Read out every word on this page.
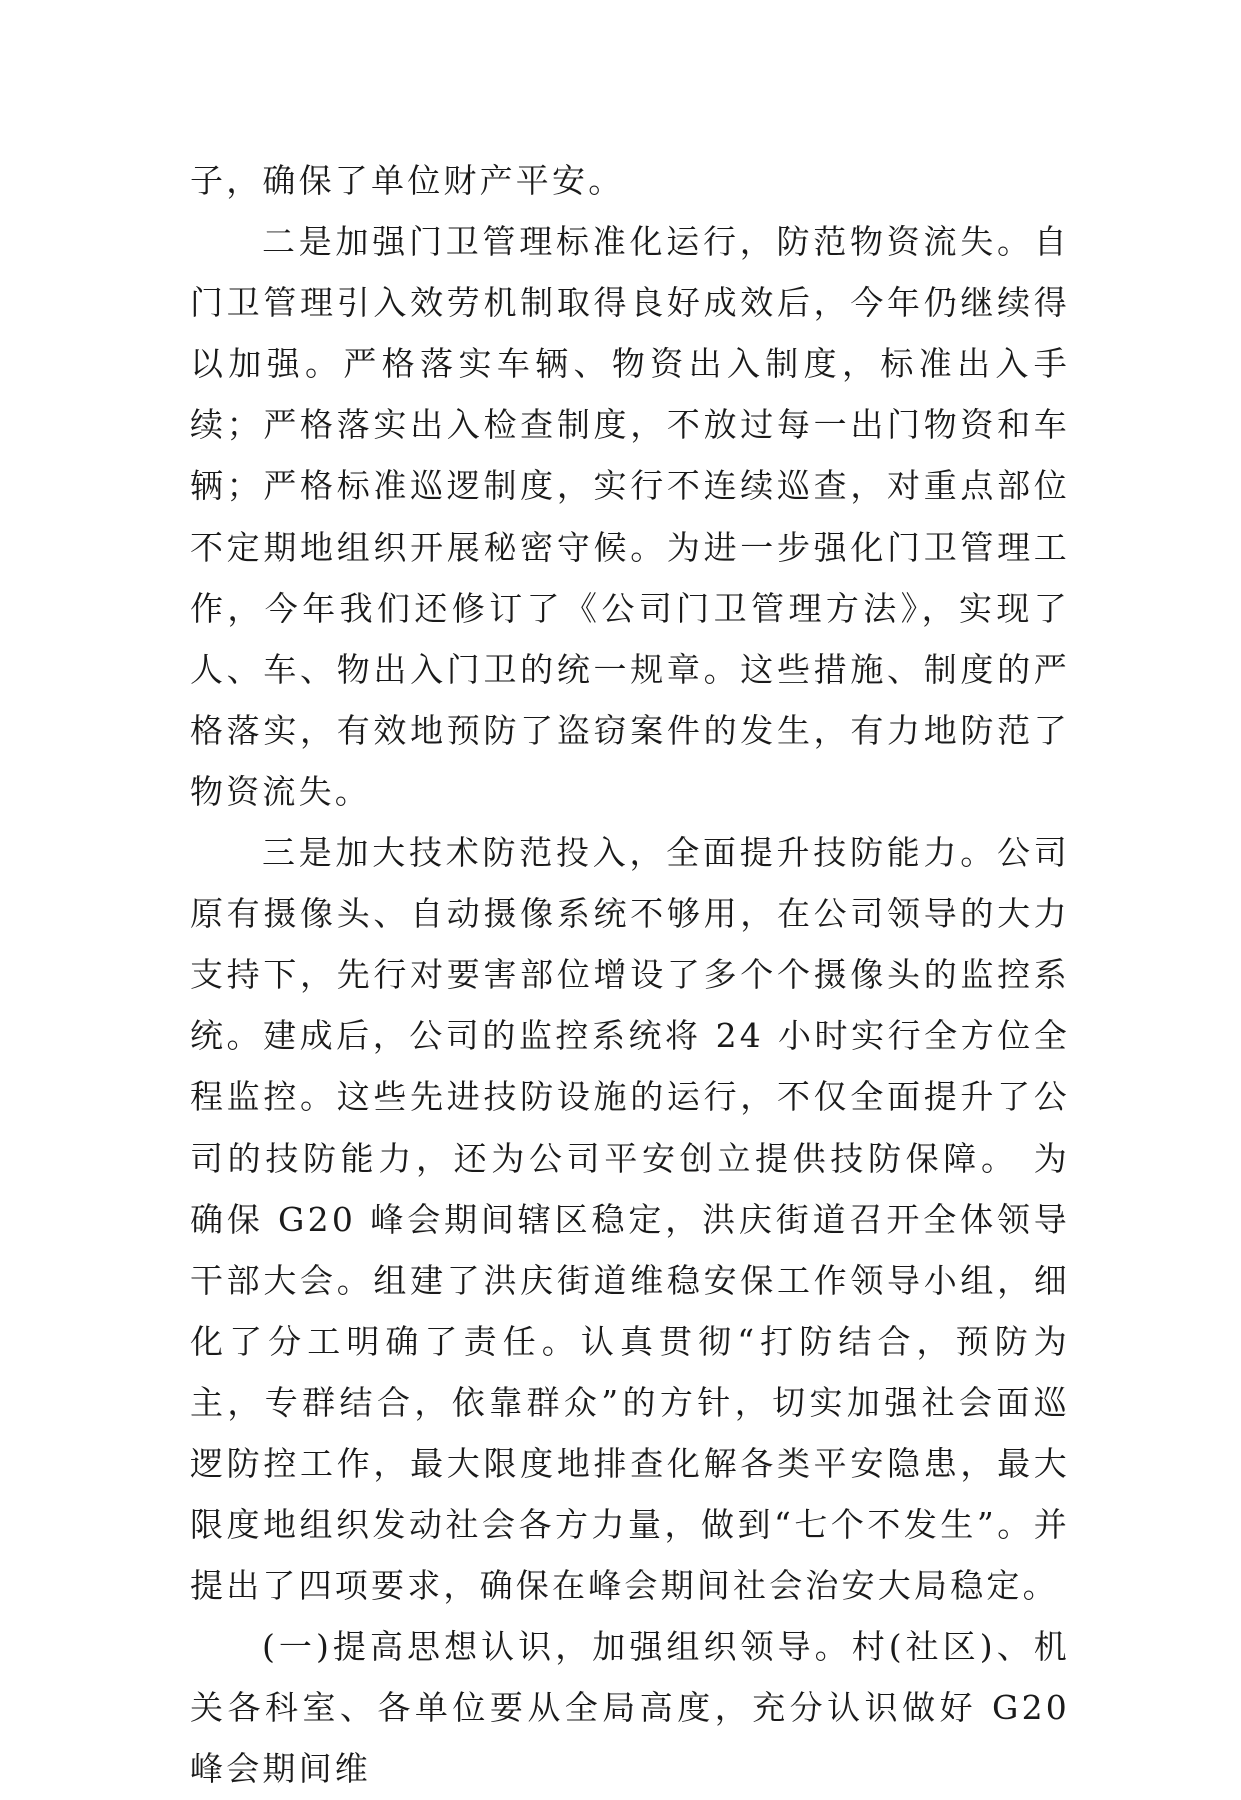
子，确保了单位财产平安。

二是加强门卫管理标准化运行，防范物资流失。自门卫管理引入效劳机制取得良好成效后，今年仍继续得以加强。严格落实车辆、物资出入制度，标准出入手续；严格落实出入检查制度，不放过每一出门物资和车辆；严格标准巡逻制度，实行不连续巡查，对重点部位不定期地组织开展秘密守候。为进一步强化门卫管理工作，今年我们还修订了《公司门卫管理方法》，实现了人、车、物出入门卫的统一规章。这些措施、制度的严格落实，有效地预防了盗窃案件的发生，有力地防范了物资流失。

三是加大技术防范投入，全面提升技防能力。公司原有摄像头、自动摄像系统不够用，在公司领导的大力支持下，先行对要害部位增设了多个个摄像头的监控系统。建成后，公司的监控系统将 24 小时实行全方位全程监控。这些先进技防设施的运行，不仅全面提升了公司的技防能力，还为公司平安创立提供技防保障。 为确保 G20 峰会期间辖区稳定，洪庆街道召开全体领导干部大会。组建了洪庆街道维稳安保工作领导小组，细化了分工明确了责任。认真贯彻“打防结合，预防为主，专群结合，依靠群众”的方针，切实加强社会面巡逻防控工作，最大限度地排查化解各类平安隐患，最大限度地组织发动社会各方力量，做到“七个不发生”。并提出了四项要求，确保在峰会期间社会治安大局稳定。

(一)提高思想认识，加强组织领导。村(社区)、机关各科室、各单位要从全局高度，充分认识做好 G20 峰会期间维
